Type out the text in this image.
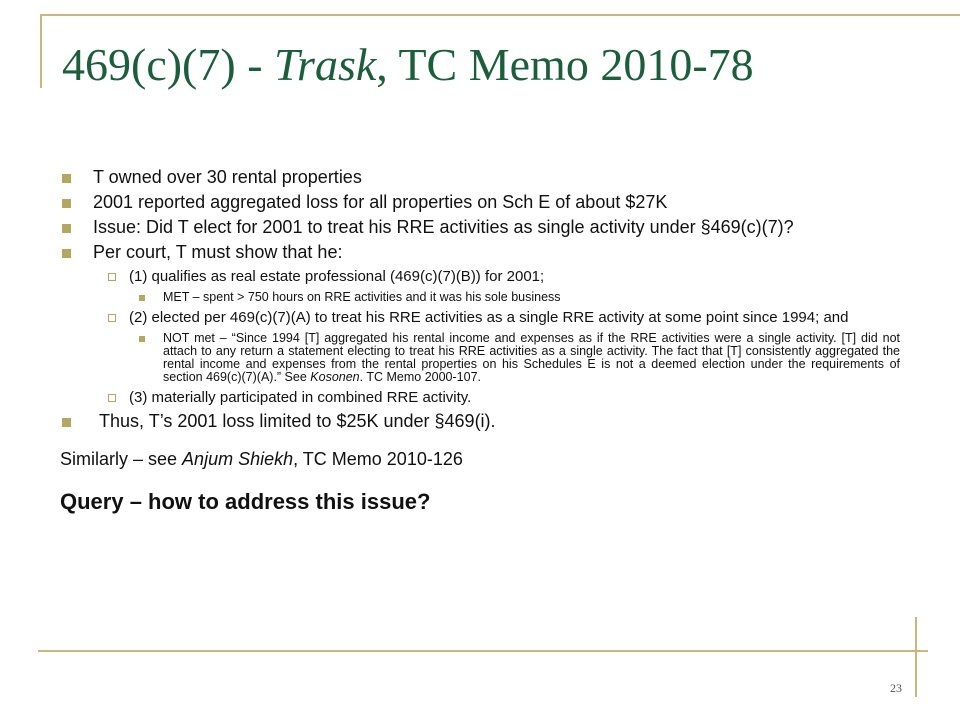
469(c)(7) - Trask, TC Memo 2010-78
T owned over 30 rental properties
2001 reported aggregated loss for all properties on Sch E of about $27K
Issue: Did T elect for 2001 to treat his RRE activities as single activity under §469(c)(7)?
Per court, T must show that he:
(1) qualifies as real estate professional (469(c)(7)(B)) for 2001;
MET – spent > 750 hours on RRE activities and it was his sole business
(2) elected per 469(c)(7)(A) to treat his RRE activities as a single RRE activity at some point since 1994; and
NOT met – “Since 1994 [T] aggregated his rental income and expenses as if the RRE activities were a single activity. [T] did not attach to any return a statement electing to treat his RRE activities as a single activity. The fact that [T] consistently aggregated the rental income and expenses from the rental properties on his Schedules E is not a deemed election under the requirements of section 469(c)(7)(A).” See Kosonen. TC Memo 2000-107.
(3) materially participated in combined RRE activity.
Thus, T’s 2001 loss limited to $25K under §469(i).
Similarly – see Anjum Shiekh, TC Memo 2010-126
Query – how to address this issue?
23
